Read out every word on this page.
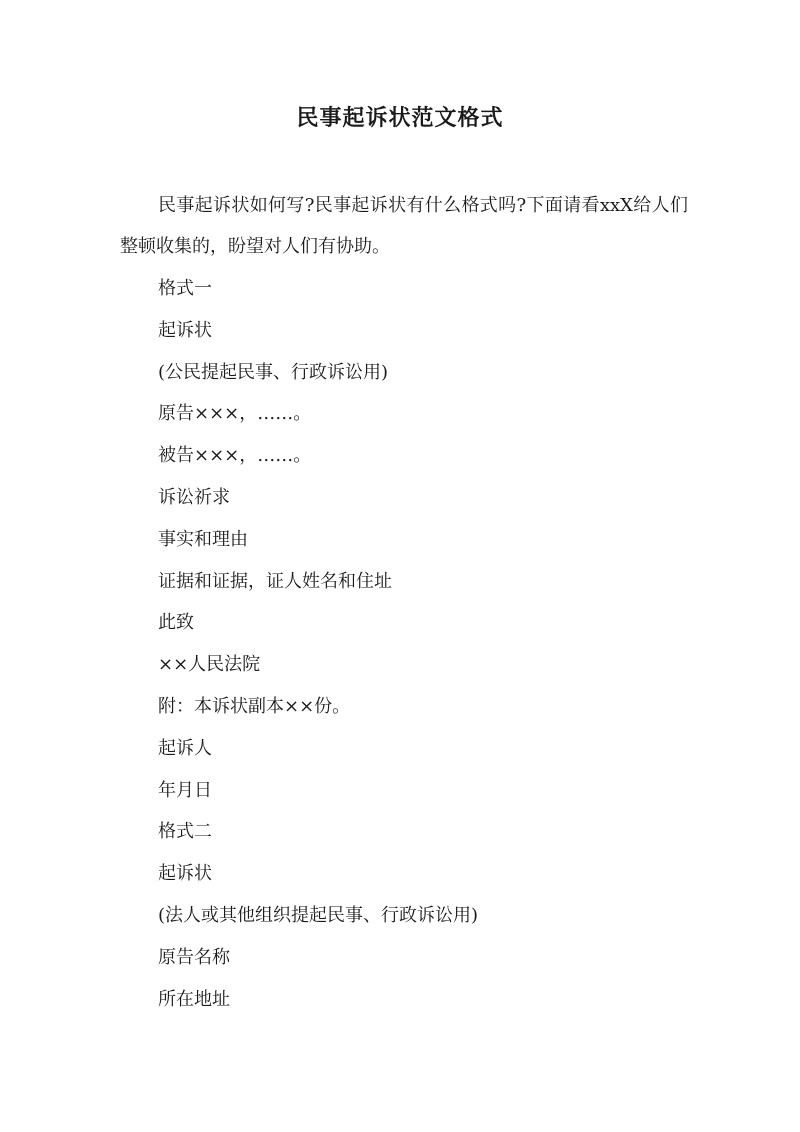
民事起诉状范文格式

民事起诉状如何写?民事起诉状有什么格式吗?下面请看xxX给人们整顿收集的，盼望对人们有协助。

格式一
起诉状
(公民提起民事、行政诉讼用)
原告×××，……。
被告×××，……。
诉讼祈求
事实和理由
证据和证据，证人姓名和住址
此致
××人民法院
附：本诉状副本××份。
起诉人
年月日
格式二
起诉状
(法人或其他组织提起民事、行政诉讼用)
原告名称
所在地址
